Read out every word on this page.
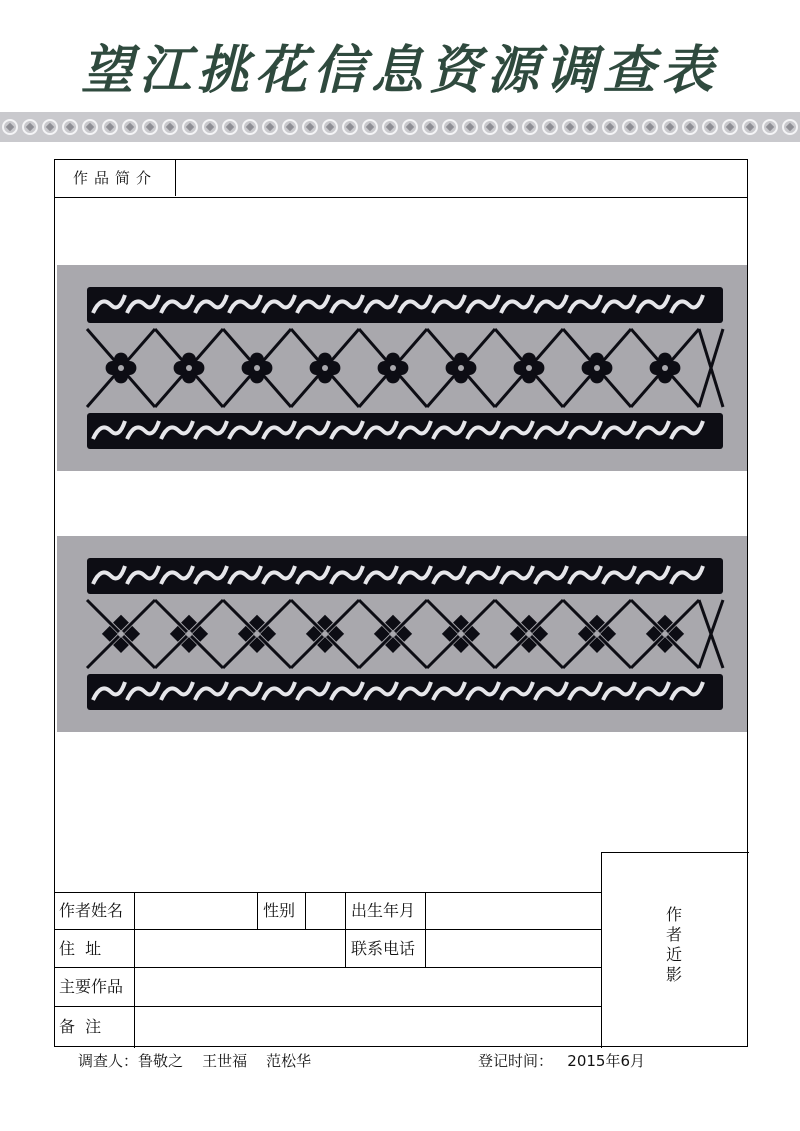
望江挑花信息资源调查表
作品简介
作
者
近
影
作者姓名	性别	出生年月
住  址	联系电话
主要作品
备  注
调查人：鲁敬之    王世福    范松华	登记时间：   2015年6月
